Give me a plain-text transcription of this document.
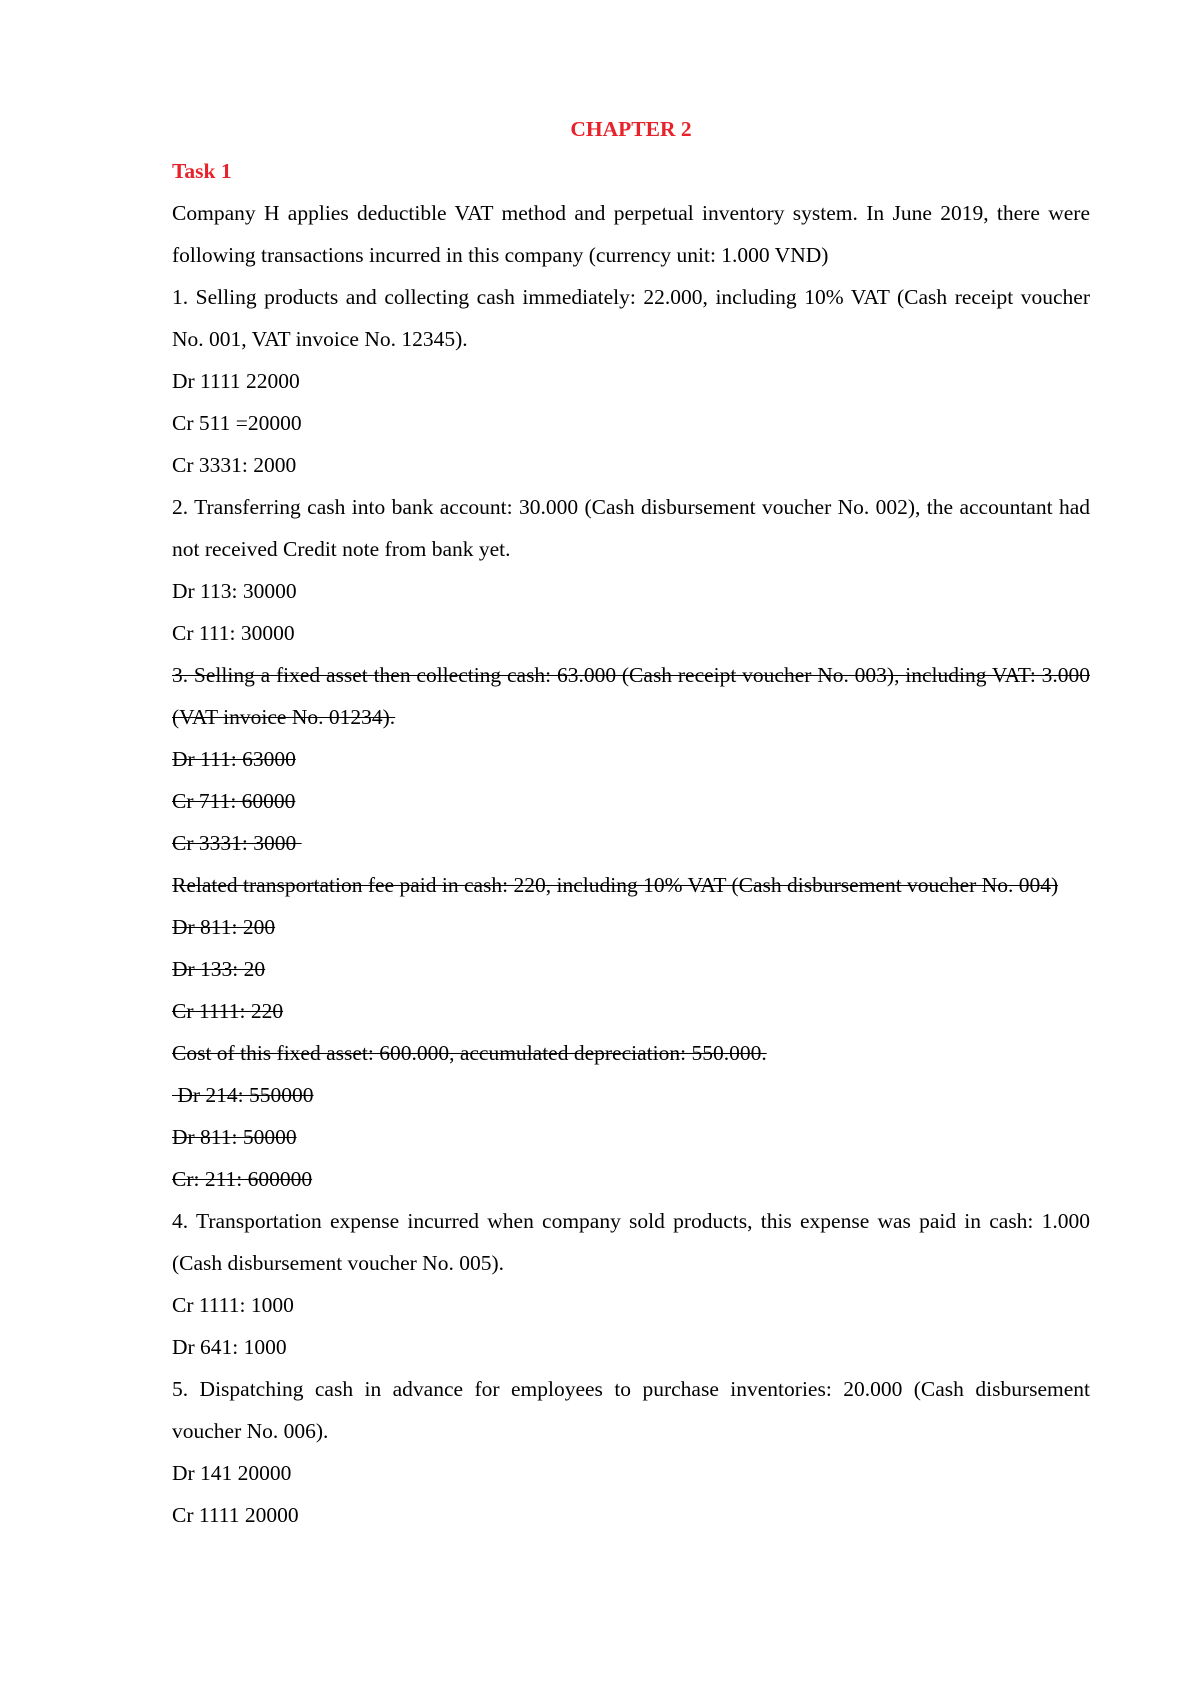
CHAPTER 2
Task 1
Company H applies deductible VAT method and perpetual inventory system. In June 2019, there were following transactions incurred in this company (currency unit: 1.000 VND)
1. Selling products and collecting cash immediately: 22.000, including 10% VAT (Cash receipt voucher No. 001, VAT invoice No. 12345).
Dr 1111 22000
Cr 511 =20000
Cr 3331: 2000
2. Transferring cash into bank account: 30.000 (Cash disbursement voucher No. 002), the accountant had not received Credit note from bank yet.
Dr 113: 30000
Cr 111: 30000
3. Selling a fixed asset then collecting cash: 63.000 (Cash receipt voucher No. 003), including VAT: 3.000 (VAT invoice No. 01234).
Dr 111: 63000
Cr 711: 60000
Cr 3331: 3000
Related transportation fee paid in cash: 220, including 10% VAT (Cash disbursement voucher No. 004)
Dr 811: 200
Dr 133: 20
Cr 1111: 220
Cost of this fixed asset: 600.000, accumulated depreciation: 550.000.
Dr 214: 550000
Dr 811: 50000
Cr: 211: 600000
4. Transportation expense incurred when company sold products, this expense was paid in cash: 1.000 (Cash disbursement voucher No. 005).
Cr 1111: 1000
Dr 641: 1000
5. Dispatching cash in advance for employees to purchase inventories: 20.000 (Cash disbursement voucher No. 006).
Dr 141 20000
Cr 1111 20000
